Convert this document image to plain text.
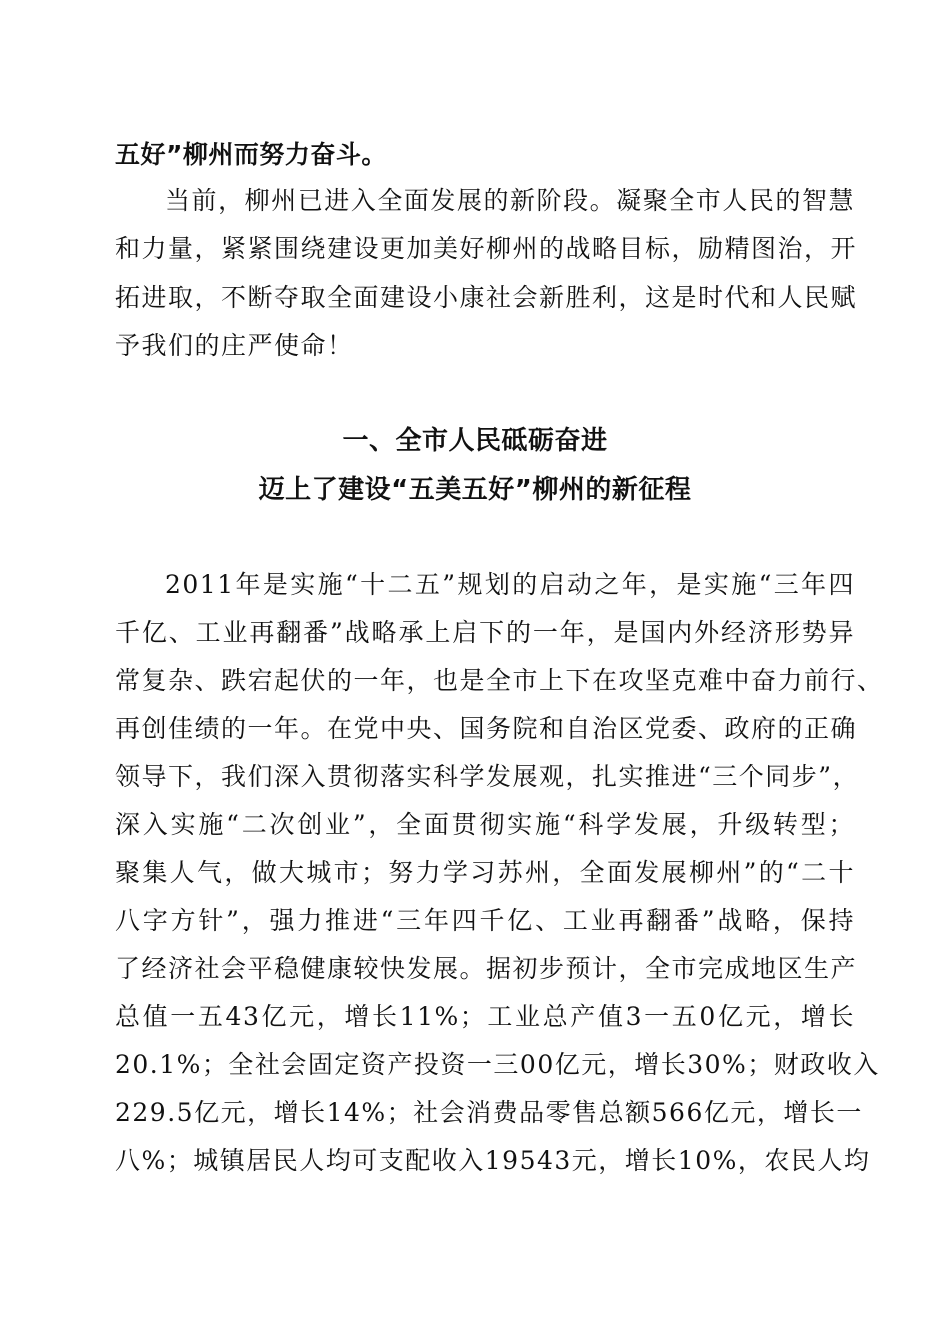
五好”柳州而努力奋斗。
当前，柳州已进入全面发展的新阶段。凝聚全市人民的智慧
和力量，紧紧围绕建设更加美好柳州的战略目标，励精图治，开
拓进取，不断夺取全面建设小康社会新胜利，这是时代和人民赋
予我们的庄严使命！
一、全市人民砥砺奋进
迈上了建设“五美五好”柳州的新征程
2011年是实施“十二五”规划的启动之年，是实施“三年四
千亿、工业再翻番”战略承上启下的一年，是国内外经济形势异
常复杂、跌宕起伏的一年，也是全市上下在攻坚克难中奋力前行、
再创佳绩的一年。在党中央、国务院和自治区党委、政府的正确
领导下，我们深入贯彻落实科学发展观，扎实推进“三个同步”，
深入实施“二次创业”，全面贯彻实施“科学发展，升级转型；
聚集人气，做大城市；努力学习苏州，全面发展柳州”的“二十
八字方针”，强力推进“三年四千亿、工业再翻番”战略，保持
了经济社会平稳健康较快发展。据初步预计，全市完成地区生产
总值一五43亿元，增长11%；工业总产值3一五0亿元，增长
20.1%；全社会固定资产投资一三00亿元，增长30%；财政收入
229.5亿元，增长14%；社会消费品零售总额566亿元，增长一
八%；城镇居民人均可支配收入19543元，增长10%，农民人均
